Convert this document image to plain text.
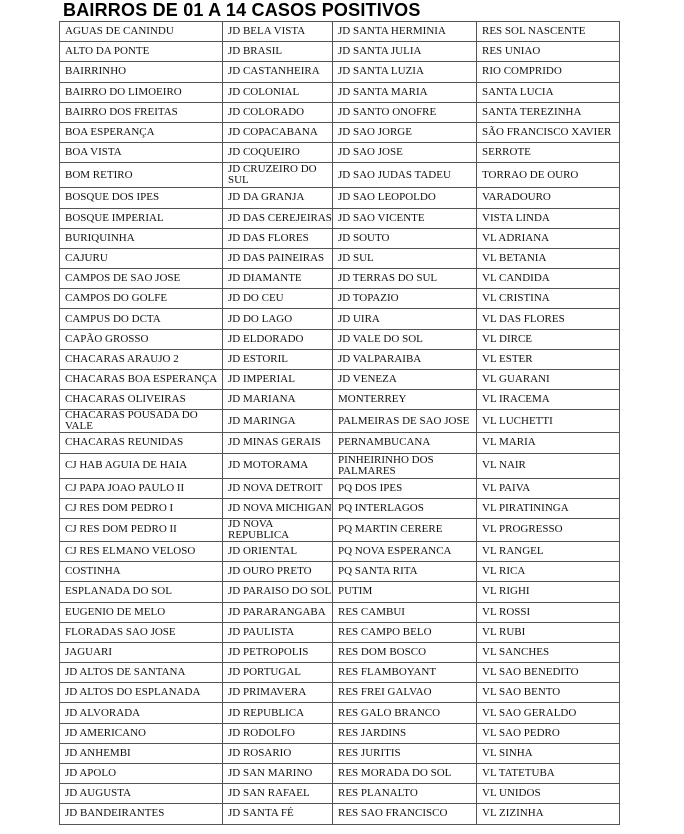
BAIRROS DE 01 A 14 CASOS POSITIVOS
AGUAS DE CANINDU	JD BELA VISTA	JD SANTA HERMINIA	RES SOL NASCENTE
ALTO DA PONTE	JD BRASIL	JD SANTA JULIA	RES UNIAO
BAIRRINHO	JD CASTANHEIRA	JD SANTA LUZIA	RIO COMPRIDO
BAIRRO DO LIMOEIRO	JD COLONIAL	JD SANTA MARIA	SANTA LUCIA
BAIRRO DOS FREITAS	JD COLORADO	JD SANTO ONOFRE	SANTA TEREZINHA
BOA ESPERANÇA	JD COPACABANA	JD SAO JORGE	SÃO FRANCISCO XAVIER
BOA VISTA	JD COQUEIRO	JD SAO JOSE	SERROTE
BOM RETIRO	JD CRUZEIRO DO SUL	JD SAO JUDAS TADEU	TORRAO DE OURO
BOSQUE DOS IPES	JD DA GRANJA	JD SAO LEOPOLDO	VARADOURO
BOSQUE IMPERIAL	JD DAS CEREJEIRAS	JD SAO VICENTE	VISTA LINDA
BURIQUINHA	JD DAS FLORES	JD SOUTO	VL ADRIANA
CAJURU	JD DAS PAINEIRAS	JD SUL	VL BETANIA
CAMPOS DE SAO JOSE	JD DIAMANTE	JD TERRAS DO SUL	VL CANDIDA
CAMPOS DO GOLFE	JD DO CEU	JD TOPAZIO	VL CRISTINA
CAMPUS DO DCTA	JD DO LAGO	JD UIRA	VL DAS FLORES
CAPÃO GROSSO	JD ELDORADO	JD VALE DO SOL	VL DIRCE
CHACARAS ARAUJO 2	JD ESTORIL	JD VALPARAIBA	VL ESTER
CHACARAS BOA ESPERANÇA	JD IMPERIAL	JD VENEZA	VL GUARANI
CHACARAS OLIVEIRAS	JD MARIANA	MONTERREY	VL IRACEMA
CHACARAS POUSADA DO VALE	JD MARINGA	PALMEIRAS DE SAO JOSE	VL LUCHETTI
CHACARAS REUNIDAS	JD MINAS GERAIS	PERNAMBUCANA	VL MARIA
CJ HAB AGUIA DE HAIA	JD MOTORAMA	PINHEIRINHO DOS PALMARES	VL NAIR
CJ PAPA JOAO PAULO II	JD NOVA DETROIT	PQ DOS IPES	VL PAIVA
CJ RES DOM PEDRO I	JD NOVA MICHIGAN	PQ INTERLAGOS	VL PIRATININGA
CJ RES DOM PEDRO II	JD NOVA REPUBLICA	PQ MARTIN CERERE	VL PROGRESSO
CJ RES ELMANO VELOSO	JD ORIENTAL	PQ NOVA ESPERANCA	VL RANGEL
COSTINHA	JD OURO PRETO	PQ SANTA RITA	VL RICA
ESPLANADA DO SOL	JD PARAISO DO SOL	PUTIM	VL RIGHI
EUGENIO DE MELO	JD PARARANGABA	RES CAMBUI	VL ROSSI
FLORADAS SAO JOSE	JD PAULISTA	RES CAMPO BELO	VL RUBI
JAGUARI	JD PETROPOLIS	RES DOM BOSCO	VL SANCHES
JD ALTOS DE SANTANA	JD PORTUGAL	RES FLAMBOYANT	VL SAO BENEDITO
JD ALTOS DO ESPLANADA	JD PRIMAVERA	RES FREI GALVAO	VL SAO BENTO
JD ALVORADA	JD REPUBLICA	RES GALO BRANCO	VL SAO GERALDO
JD AMERICANO	JD RODOLFO	RES JARDINS	VL SAO PEDRO
JD ANHEMBI	JD ROSARIO	RES JURITIS	VL SINHA
JD APOLO	JD SAN MARINO	RES MORADA DO SOL	VL TATETUBA
JD AUGUSTA	JD SAN RAFAEL	RES PLANALTO	VL UNIDOS
JD BANDEIRANTES	JD SANTA FÉ	RES SAO FRANCISCO	VL ZIZINHA
